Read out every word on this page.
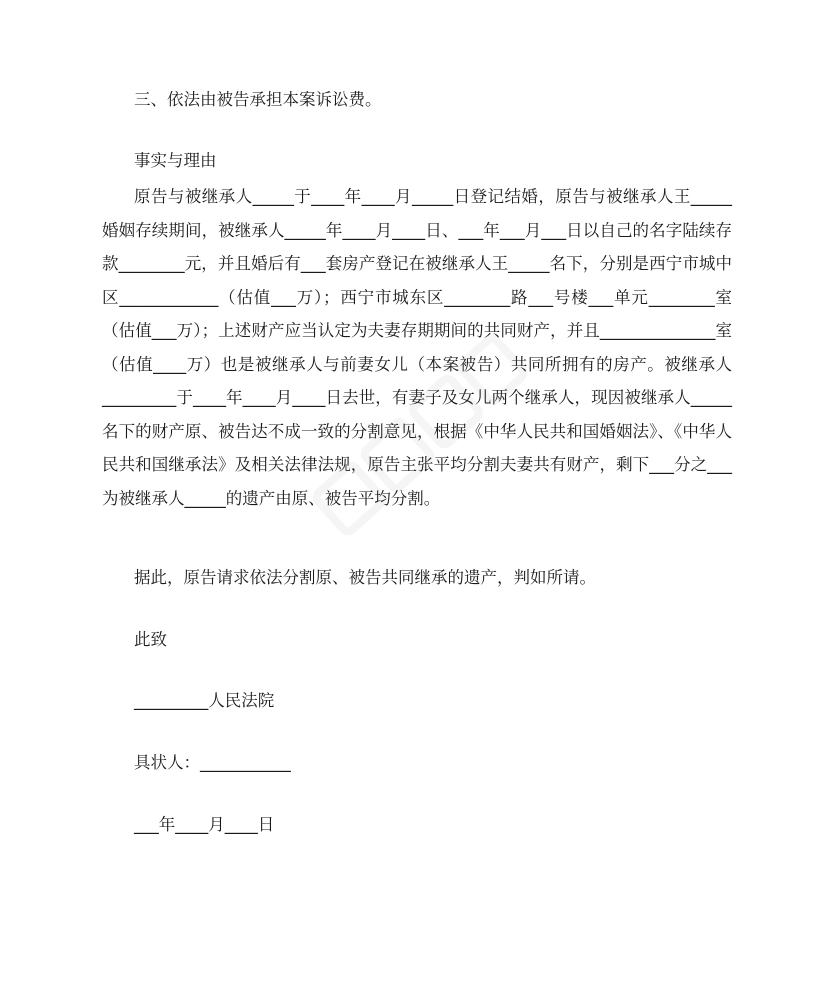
三、依法由被告承担本案诉讼费。

事实与理由

原告与被继承人_____于____年____月_____日登记结婚，原告与被继承人王_____婚姻存续期间，被继承人_____年____月____日、___年___月___日以自己的名字陆续存款________元，并且婚后有___套房产登记在被继承人王_____名下，分别是西宁市城中区____________（估值___万）；西宁市城东区________路___号楼___单元________室（估值___万）；上述财产应当认定为夫妻存期期间的共同财产，并且______________室（估值____万）也是被继承人与前妻女儿（本案被告）共同所拥有的房产。被继承人_________于____年____月____日去世，有妻子及女儿两个继承人，现因被继承人_____名下的财产原、被告达不成一致的分割意见，根据《中华人民共和国婚姻法》、《中华人民共和国继承法》及相关法律法规，原告主张平均分割夫妻共有财产，剩下___分之___为被继承人_____的遗产由原、被告平均分割。

据此，原告请求依法分割原、被告共同继承的遗产，判如所请。

此致

_________人民法院

具状人：___________

___年____月____日
